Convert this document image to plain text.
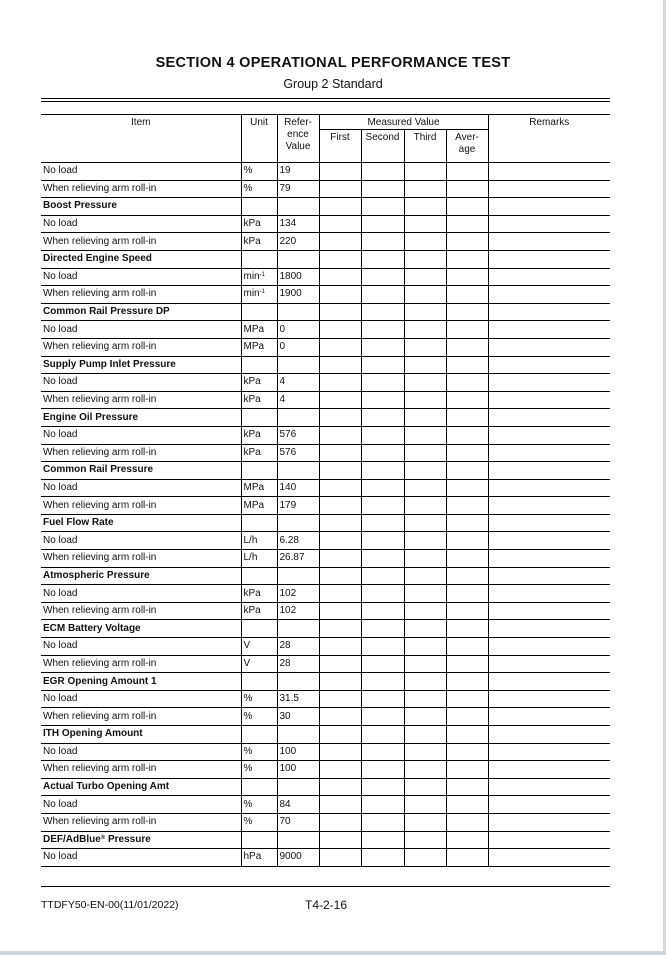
SECTION 4 OPERATIONAL PERFORMANCE TEST
Group 2 Standard
Item	Unit	Refer- ence Value	Measured Value				Remarks
			First	Second	Third	Aver- age	
No load	%	19					
When relieving arm roll-in	%	79					
Boost Pressure							
No load	kPa	134					
When relieving arm roll-in	kPa	220					
Directed Engine Speed							
No load	$\min^{-1}$	1800					
When relieving arm roll-in	$\min^{-1}$	1900					
Common Rail Pressure DP							
No load	MPa	0					
When relieving arm roll-in	MPa	0					
Supply Pump Inlet Pressure							
No load	kPa	4					
When relieving arm roll-in	kPa	4					
Engine Oil Pressure							
No load	kPa	576					
When relieving arm roll-in	kPa	576					
Common Rail Pressure							
No load	MPa	140					
When relieving arm roll-in	MPa	179					
Fuel Flow Rate							
No load	L/h	6.28					
When relieving arm roll-in	L/h	26.87					
Atmospheric Pressure							
No load	kPa	102					
When relieving arm roll-in	kPa	102					
ECM Battery Voltage							
No load	V	28					
When relieving arm roll-in	V	28					
EGR Opening Amount 1							
No load	%	31.5					
When relieving arm roll-in	%	30					
ITH Opening Amount							
No load	%	100					
When relieving arm roll-in	%	100					
Actual Turbo Opening Amt							
No load	%	84					
When relieving arm roll-in	%	70					
DEF/AdBlue® Pressure							
No load	hPa	9000					
TTDFY50-EN-00(11/01/2022)	T4-2-16
